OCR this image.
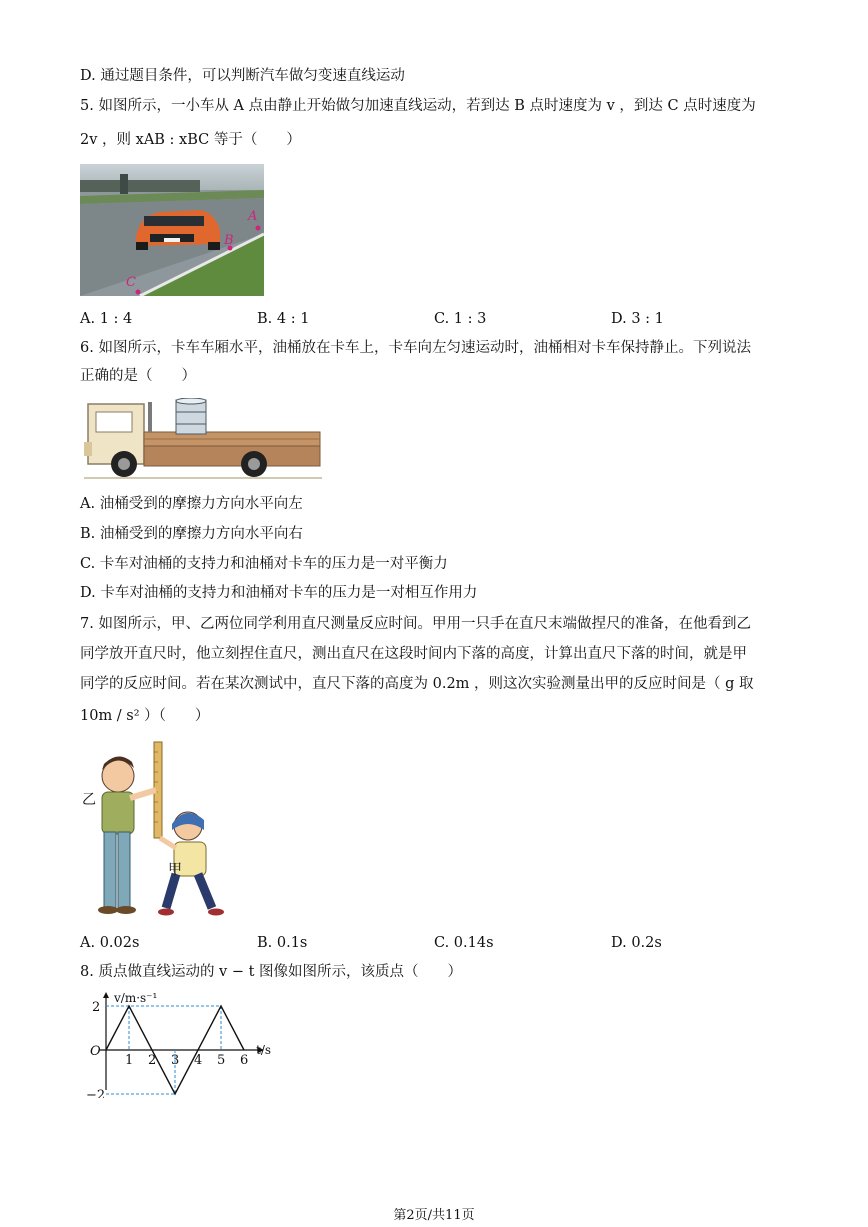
D. 通过题目条件，可以判断汽车做匀变速直线运动
5. 如图所示，一小车从 A 点由静止开始做匀加速直线运动，若到达 B 点时速度为 v ，到达 C 点时速度为
2v ，则 xAB : xBC 等于（　　）
A
B
C
A. 1 : 4	B. 4 : 1	C. 1 : 3	D. 3 : 1
6. 如图所示，卡车车厢水平，油桶放在卡车上，卡车向左匀速运动时，油桶相对卡车保持静止。下列说法
正确的是（　　）
A. 油桶受到的摩擦力方向水平向左
B. 油桶受到的摩擦力方向水平向右
C. 卡车对油桶的支持力和油桶对卡车的压力是一对平衡力
D. 卡车对油桶的支持力和油桶对卡车的压力是一对相互作用力
7. 如图所示，甲、乙两位同学利用直尺测量反应时间。甲用一只手在直尺末端做捏尺的准备，在他看到乙
同学放开直尺时，他立刻捏住直尺，测出直尺在这段时间内下落的高度，计算出直尺下落的时间，就是甲
同学的反应时间。若在某次测试中，直尺下落的高度为 0.2m ，则这次实验测量出甲的反应时间是（ g 取
10m / s² ）（　　）
乙
甲
A. 0.02s	B. 0.1s	C. 0.14s	D. 0.2s
8. 质点做直线运动的 v − t 图像如图所示，该质点（　　）
1 2 3 4 5 6
2
−2
O
v/m·s⁻¹
t/s
第2页/共11页
